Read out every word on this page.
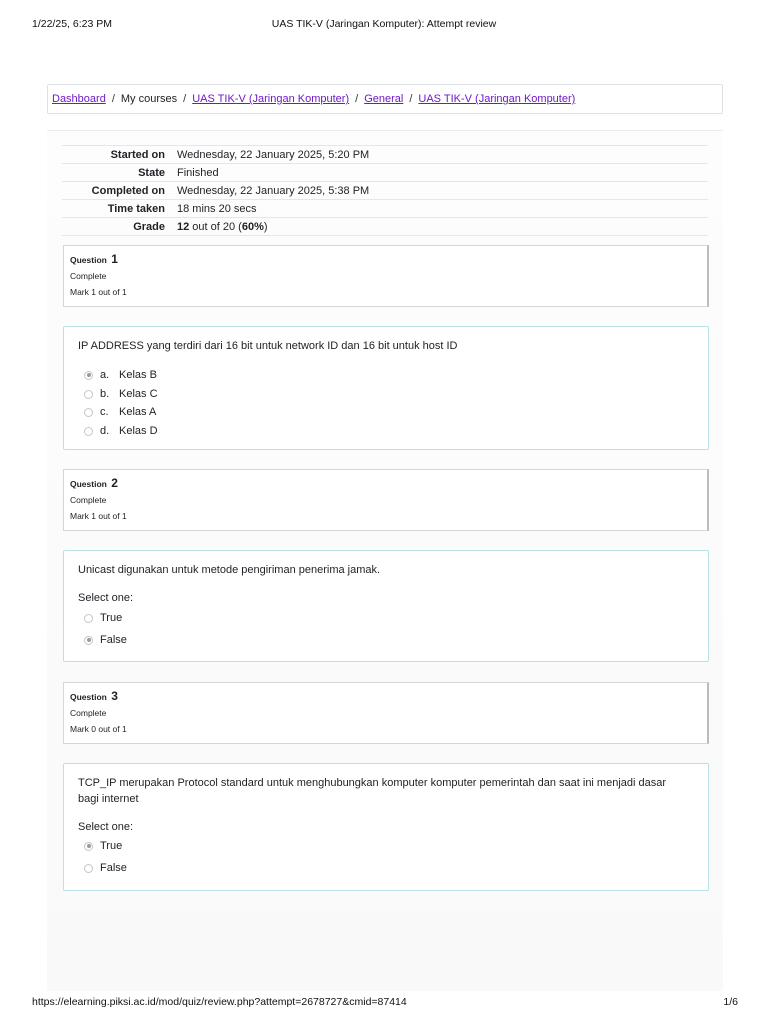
1/22/25, 6:23 PM	UAS TIK-V (Jaringan Komputer): Attempt review
Dashboard / My courses / UAS TIK-V (Jaringan Komputer) / General / UAS TIK-V (Jaringan Komputer)
Started on	Wednesday, 22 January 2025, 5:20 PM
State	Finished
Completed on	Wednesday, 22 January 2025, 5:38 PM
Time taken	18 mins 20 secs
Grade	12 out of 20 (60%)
Question 1
Complete
Mark 1 out of 1
IP ADDRESS yang terdiri dari 16 bit untuk network ID dan 16 bit untuk host ID
a. Kelas B
b. Kelas C
c. Kelas A
d. Kelas D
Question 2
Complete
Mark 1 out of 1
Unicast digunakan untuk metode pengiriman penerima jamak.
Select one:
True
False
Question 3
Complete
Mark 0 out of 1
TCP_IP merupakan Protocol standard untuk menghubungkan komputer komputer pemerintah dan saat ini menjadi dasar bagi internet
Select one:
True
False
https://elearning.piksi.ac.id/mod/quiz/review.php?attempt=2678727&cmid=87414	1/6
